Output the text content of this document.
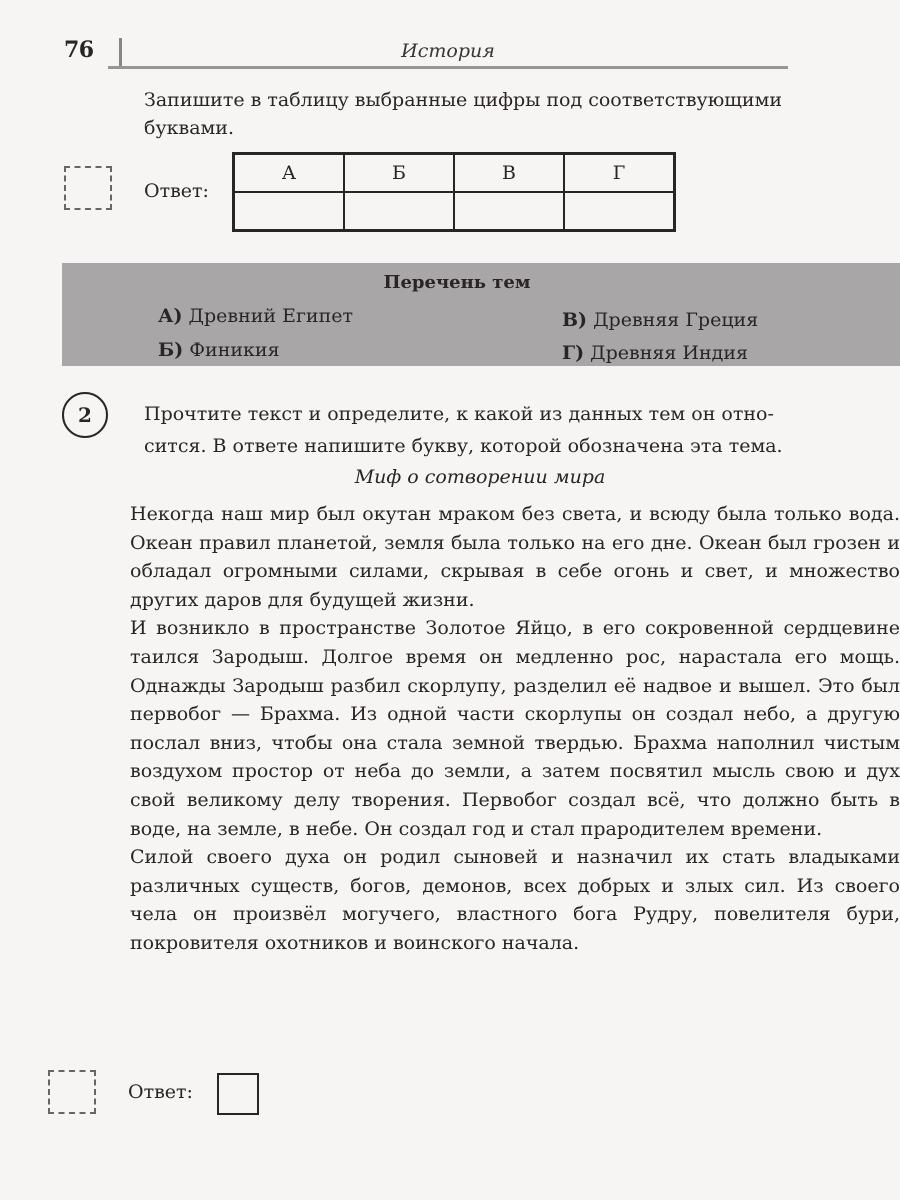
76	История
Запишите в таблицу выбранные цифры под соответствующими
буквами.
Ответ:
А	Б	В	Г

Перечень тем
А) Древний Египет
Б) Финикия
В) Древняя Греция
Г) Древняя Индия
2	Прочтите текст и определите, к какой из данных тем он отно-
сится. В ответе напишите букву, которой обозначена эта тема.
Миф о сотворении мира

Некогда наш мир был окутан мраком без света, и всюду была только вода. Океан правил планетой, земля была только на его дне. Океан был грозен и обладал огромными силами, скрывая в себе огонь и свет, и множество других даров для будущей жизни.

И возникло в пространстве Золотое Яйцо, в его сокровенной сердцевине таился Зародыш. Долгое время он медленно рос, нарастала его мощь. Однажды Зародыш разбил скорлупу, разделил её надвое и вышел. Это был первобог — Брахма. Из одной части скорлупы он создал небо, а другую послал вниз, чтобы она стала земной твердью. Брахма наполнил чистым воздухом простор от неба до земли, а затем посвятил мысль свою и дух свой великому делу творения. Первобог создал всё, что должно быть в воде, на земле, в небе. Он создал год и стал прародителем времени.

Силой своего духа он родил сыновей и назначил их стать владыками различных существ, богов, демонов, всех добрых и злых сил. Из своего чела он произвёл могучего, властного бога Рудру, повелителя бури, покровителя охотников и воинского начала.

Ответ:
